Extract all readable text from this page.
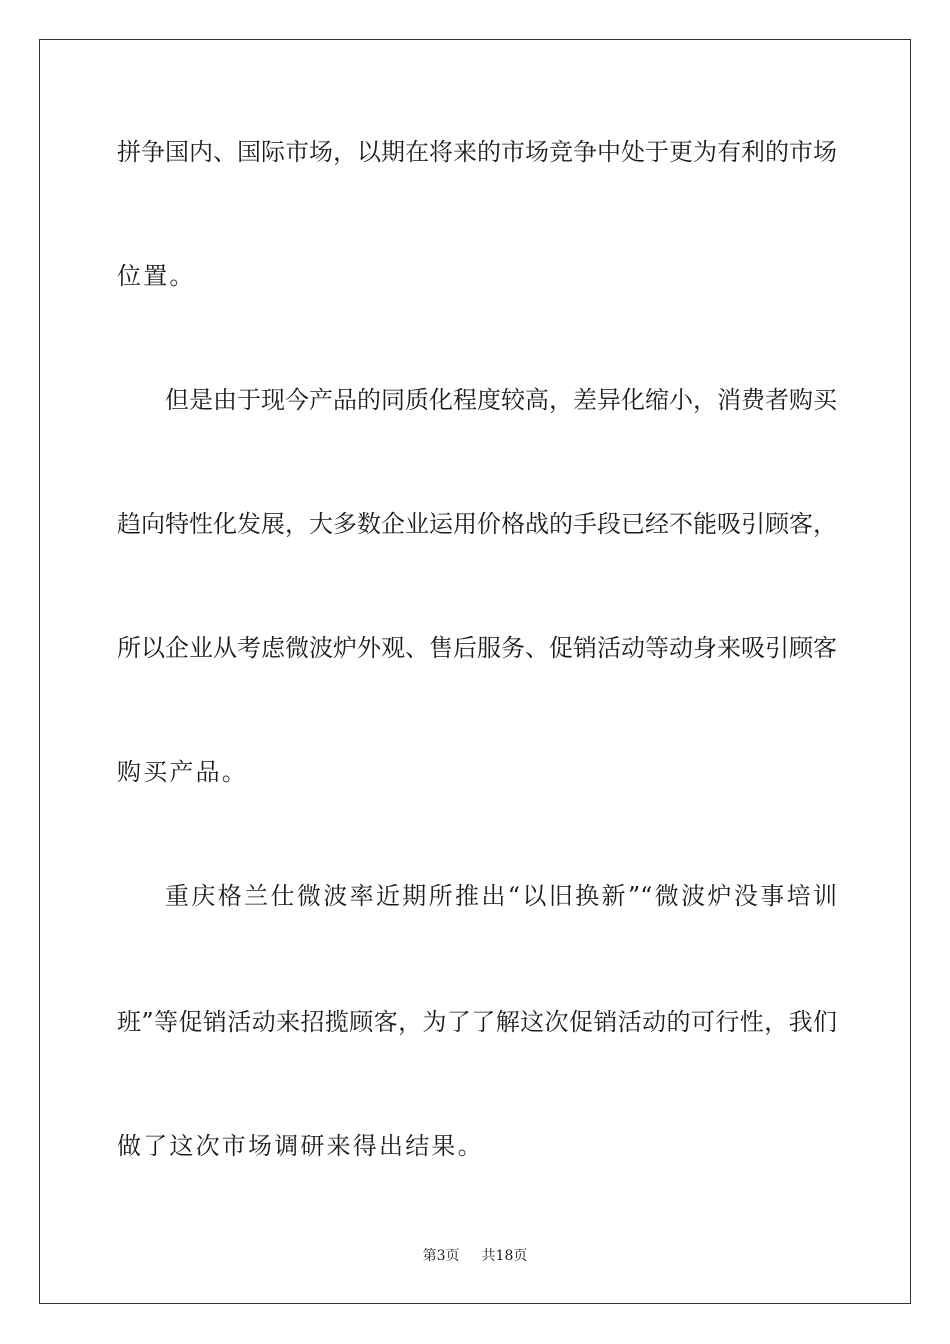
拼争国内、国际市场，以期在将来的市场竞争中处于更为有利的市场
位置。
但是由于现今产品的同质化程度较高，差异化缩小，消费者购买
趋向特性化发展，大多数企业运用价格战的手段已经不能吸引顾客，
所以企业从考虑微波炉外观、售后服务、促销活动等动身来吸引顾客
购买产品。
重庆格兰仕微波率近期所推出“以旧换新”“微波炉没事培训
班”等促销活动来招揽顾客，为了了解这次促销活动的可行性，我们
做了这次市场调研来得出结果。
第3页 共18页
